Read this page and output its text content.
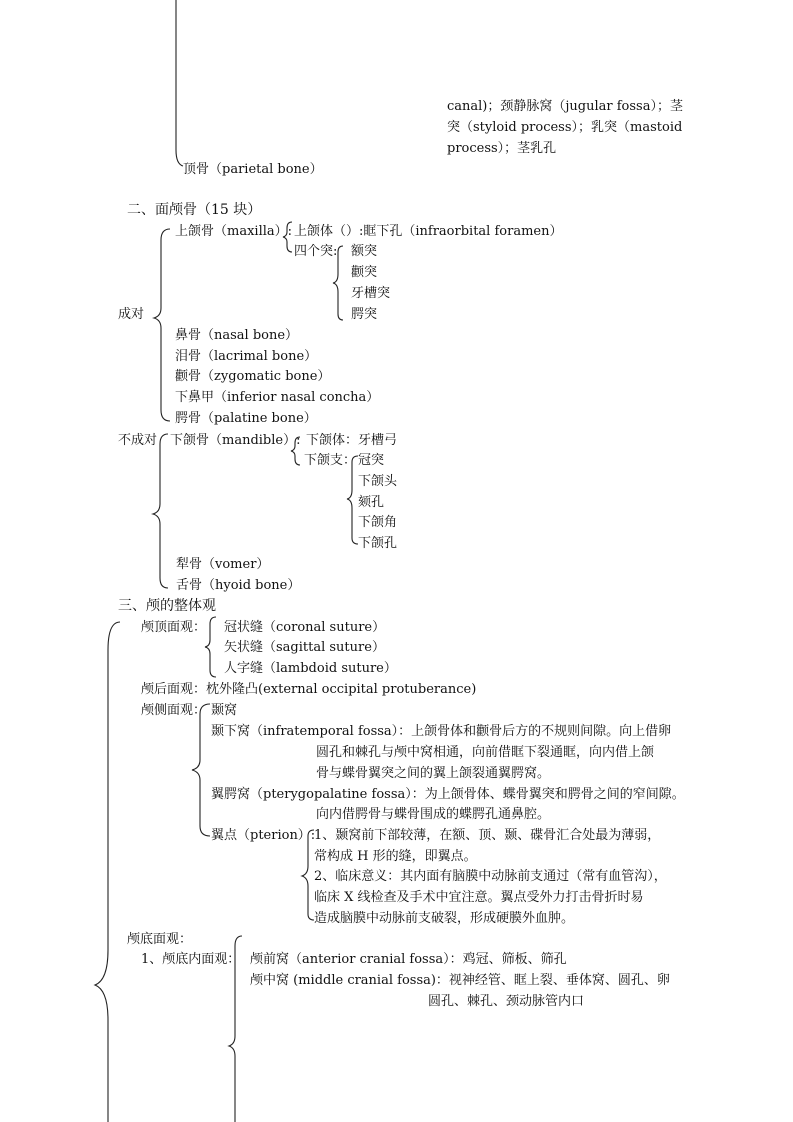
canal)；颈静脉窝（jugular fossa）；茎
突（styloid process）；乳突（mastoid
process）；茎乳孔
顶骨（parietal bone）
二、面颅骨（15 块）
上颌骨（maxilla）: 上颌体（）:眶下孔（infraorbital foramen）
四个突: 额突
颧突
牙槽突
腭突
成对
鼻骨（nasal bone）
泪骨（lacrimal bone）
颧骨（zygomatic bone）
下鼻甲（inferior nasal concha）
腭骨（palatine bone）
不成对 下颌骨（mandible）: 下颌体：牙槽弓
下颌支： 冠突
下颌头
颏孔
下颌角
下颌孔
犁骨（vomer）
舌骨（hyoid bone）
三、颅的整体观
颅顶面观： 冠状缝（coronal suture）
矢状缝（sagittal suture）
人字缝（lambdoid suture）
颅后面观：枕外隆凸(external occipital protuberance)
颅侧面观： 颞窝
颞下窝（infratemporal fossa）：上颌骨体和颧骨后方的不规则间隙。向上借卵
圆孔和棘孔与颅中窝相通，向前借眶下裂通眶，向内借上颌
骨与蝶骨翼突之间的翼上颌裂通翼腭窝。
翼腭窝（pterygopalatine fossa）：为上颌骨体、蝶骨翼突和腭骨之间的窄间隙。
向内借腭骨与蝶骨围成的蝶腭孔通鼻腔。
翼点（pterion）:
1、颞窝前下部较薄，在额、顶、颞、碟骨汇合处最为薄弱，
常构成 H 形的缝，即翼点。
2、临床意义：其内面有脑膜中动脉前支通过（常有血管沟），
临床 X 线检查及手术中宜注意。翼点受外力打击骨折时易
造成脑膜中动脉前支破裂，形成硬膜外血肿。
颅底面观：
1、颅底内面观： 颅前窝（anterior cranial fossa）：鸡冠、筛板、筛孔
颅中窝 (middle cranial fossa)：视神经管、眶上裂、垂体窝、圆孔、卵
圆孔、棘孔、颈动脉管内口
